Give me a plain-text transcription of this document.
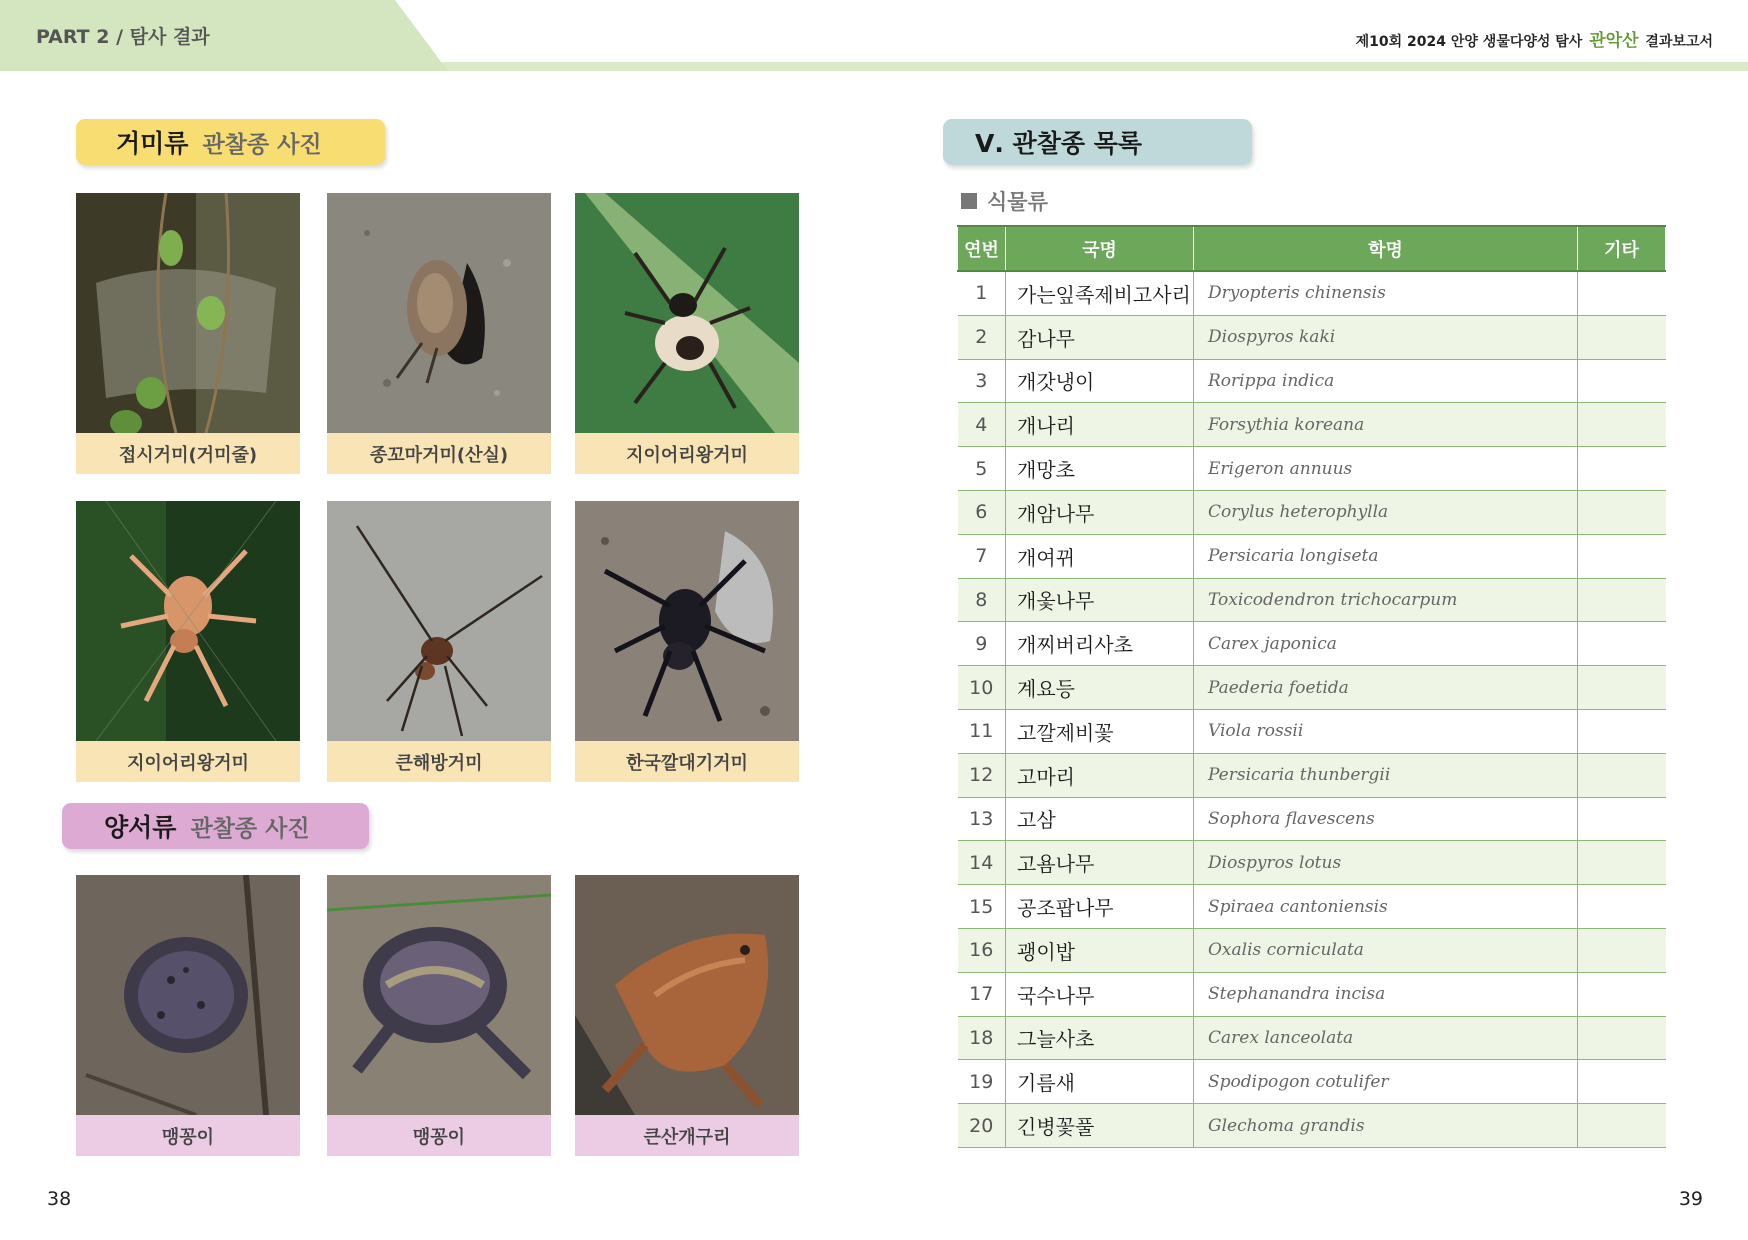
PART 2 / 탐사 결과	제10회 2024 안양 생물다양성 탐사 관악산 결과보고서
거미류 관찰종 사진
접시거미(거미줄)	종꼬마거미(산실)	지이어리왕거미
지이어리왕거미	큰해방거미	한국깔대기거미
양서류 관찰종 사진
맹꽁이	맹꽁이	큰산개구리
Ⅴ. 관찰종 목록
식물류
연번	국명	학명	기타
1	가는잎족제비고사리	Dryopteris chinensis	
2	감나무	Diospyros kaki	
3	개갓냉이	Rorippa indica	
4	개나리	Forsythia koreana	
5	개망초	Erigeron annuus	
6	개암나무	Corylus heterophylla	
7	개여뀌	Persicaria longiseta	
8	개옻나무	Toxicodendron trichocarpum	
9	개찌버리사초	Carex japonica	
10	계요등	Paederia foetida	
11	고깔제비꽃	Viola rossii	
12	고마리	Persicaria thunbergii	
13	고삼	Sophora flavescens	
14	고욤나무	Diospyros lotus	
15	공조팝나무	Spiraea cantoniensis	
16	괭이밥	Oxalis corniculata	
17	국수나무	Stephanandra incisa	
18	그늘사초	Carex lanceolata	
19	기름새	Spodipogon cotulifer	
20	긴병꽃풀	Glechoma grandis	
38	39
